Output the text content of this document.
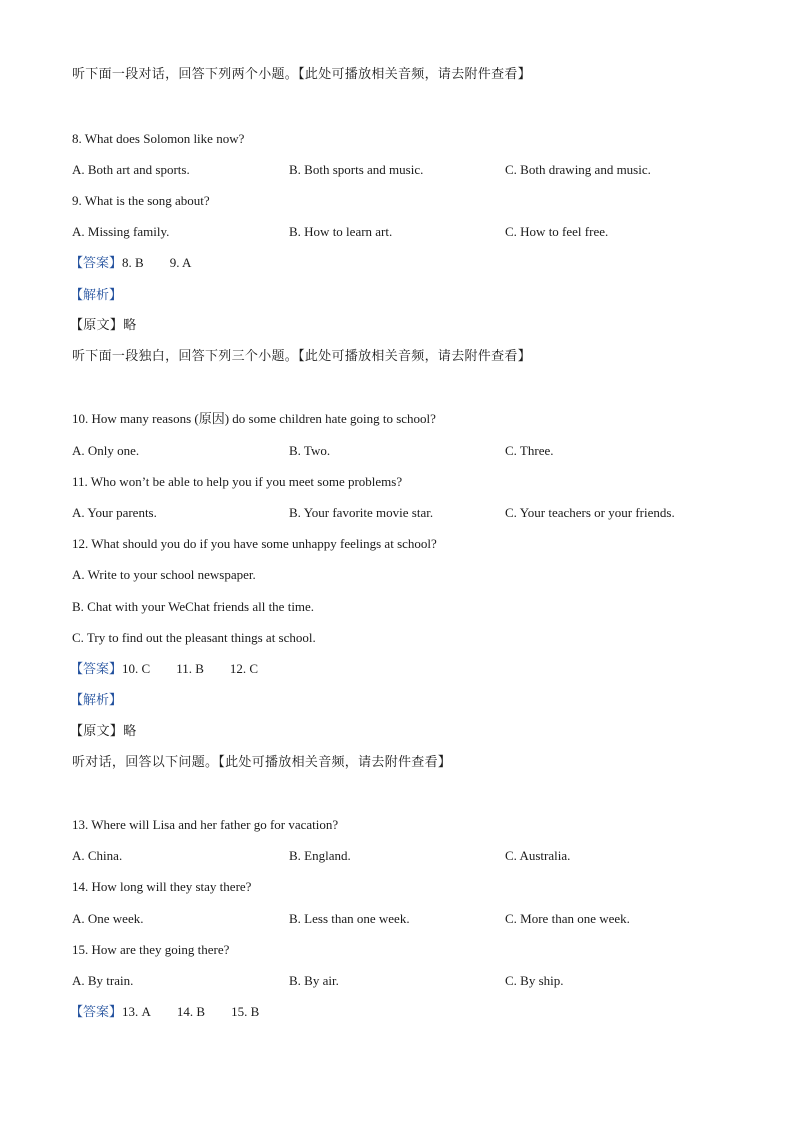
听下面一段对话，回答下列两个小题。【此处可播放相关音频，请去附件查看】
8. What does Solomon like now?
A. Both art and sports.	B. Both sports and music.	C. Both drawing and music.
9. What is the song about?
A. Missing family.	B. How to learn art.	C. How to feel free.
【答案】8. B 9. A
【解析】
【原文】略
听下面一段独白，回答下列三个小题。【此处可播放相关音频，请去附件查看】
10. How many reasons (原因) do some children hate going to school?
A. Only one.	B. Two.	C. Three.
11. Who won’t be able to help you if you meet some problems?
A. Your parents.	B. Your favorite movie star.	C. Your teachers or your friends.
12. What should you do if you have some unhappy feelings at school?
A. Write to your school newspaper.
B. Chat with your WeChat friends all the time.
C. Try to find out the pleasant things at school.
【答案】10. C 11. B 12. C
【解析】
【原文】略
听对话，回答以下问题。【此处可播放相关音频，请去附件查看】
13. Where will Lisa and her father go for vacation?
A. China.	B. England.	C. Australia.
14. How long will they stay there?
A. One week.	B. Less than one week.	C. More than one week.
15. How are they going there?
A. By train.	B. By air.	C. By ship.
【答案】13. A 14. B 15. B
